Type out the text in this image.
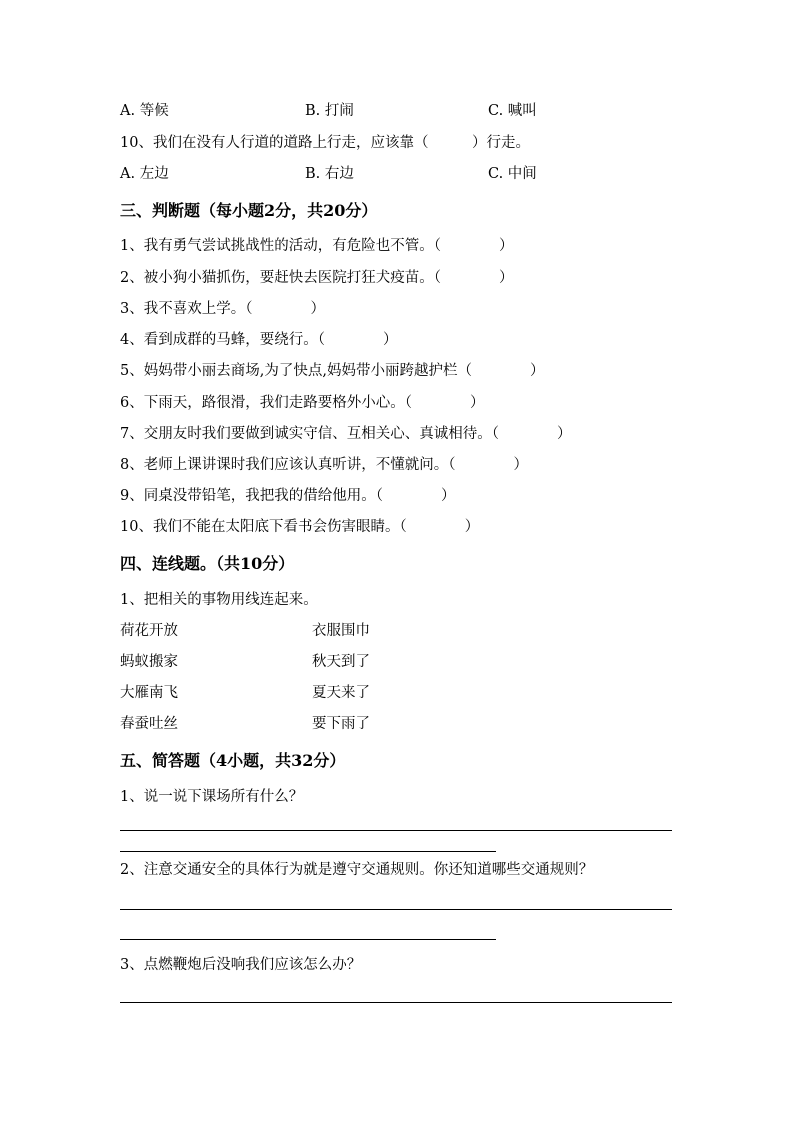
A. 等候	B. 打闹	C. 喊叫
10、我们在没有人行道的道路上行走，应该靠（　　　）行走。
A. 左边	B. 右边	C. 中间
三、判断题（每小题2分，共20分）
1、我有勇气尝试挑战性的活动，有危险也不管。（　　　　）
2、被小狗小猫抓伤，要赶快去医院打狂犬疫苗。（　　　　）
3、我不喜欢上学。（　　　　）
4、看到成群的马蜂，要绕行。（　　　　）
5、妈妈带小丽去商场,为了快点,妈妈带小丽跨越护栏（　　　　）
6、下雨天，路很滑，我们走路要格外小心。（　　　　）
7、交朋友时我们要做到诚实守信、互相关心、真诚相待。（　　　　）
8、老师上课讲课时我们应该认真听讲，不懂就问。（　　　　）
9、同桌没带铅笔，我把我的借给他用。（　　　　）
10、我们不能在太阳底下看书会伤害眼睛。（　　　　）
四、连线题。（共10分）
1、把相关的事物用线连起来。
荷花开放	衣服围巾
蚂蚁搬家	秋天到了
大雁南飞	夏天来了
春蚕吐丝	要下雨了
五、简答题（4小题，共32分）
1、说一说下课场所有什么？
2、注意交通安全的具体行为就是遵守交通规则。你还知道哪些交通规则？
3、点燃鞭炮后没响我们应该怎么办？
